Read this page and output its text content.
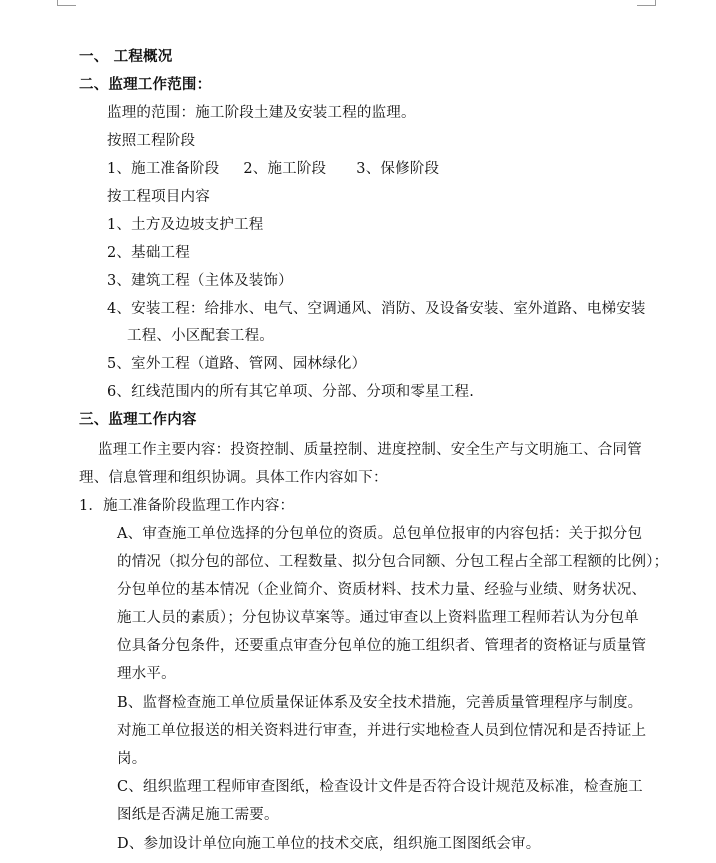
一、 工程概况
二、监理工作范围：
监理的范围：施工阶段土建及安装工程的监理。
按照工程阶段
1、施工准备阶段 2、施工阶段 3、保修阶段
按工程项目内容
1、土方及边坡支护工程
2、基础工程
3、建筑工程（主体及装饰）
4、安装工程：给排水、电气、空调通风、消防、及设备安装、室外道路、电梯安装
工程、小区配套工程。
5、室外工程（道路、管网、园林绿化）
6、红线范围内的所有其它单项、分部、分项和零星工程.
三、监理工作内容
监理工作主要内容：投资控制、质量控制、进度控制、安全生产与文明施工、合同管
理、信息管理和组织协调。具体工作内容如下：
1．施工准备阶段监理工作内容：
A、审查施工单位选择的分包单位的资质。总包单位报审的内容包括：关于拟分包
的情况（拟分包的部位、工程数量、拟分包合同额、分包工程占全部工程额的比例）；
分包单位的基本情况（企业简介、资质材料、技术力量、经验与业绩、财务状况、
施工人员的素质）；分包协议草案等。通过审查以上资料监理工程师若认为分包单
位具备分包条件，还要重点审查分包单位的施工组织者、管理者的资格证与质量管
理水平。
B、监督检查施工单位质量保证体系及安全技术措施，完善质量管理程序与制度。
对施工单位报送的相关资料进行审查，并进行实地检查人员到位情况和是否持证上
岗。
C、组织监理工程师审查图纸，检查设计文件是否符合设计规范及标准，检查施工
图纸是否满足施工需要。
D、参加设计单位向施工单位的技术交底，组织施工图图纸会审。
